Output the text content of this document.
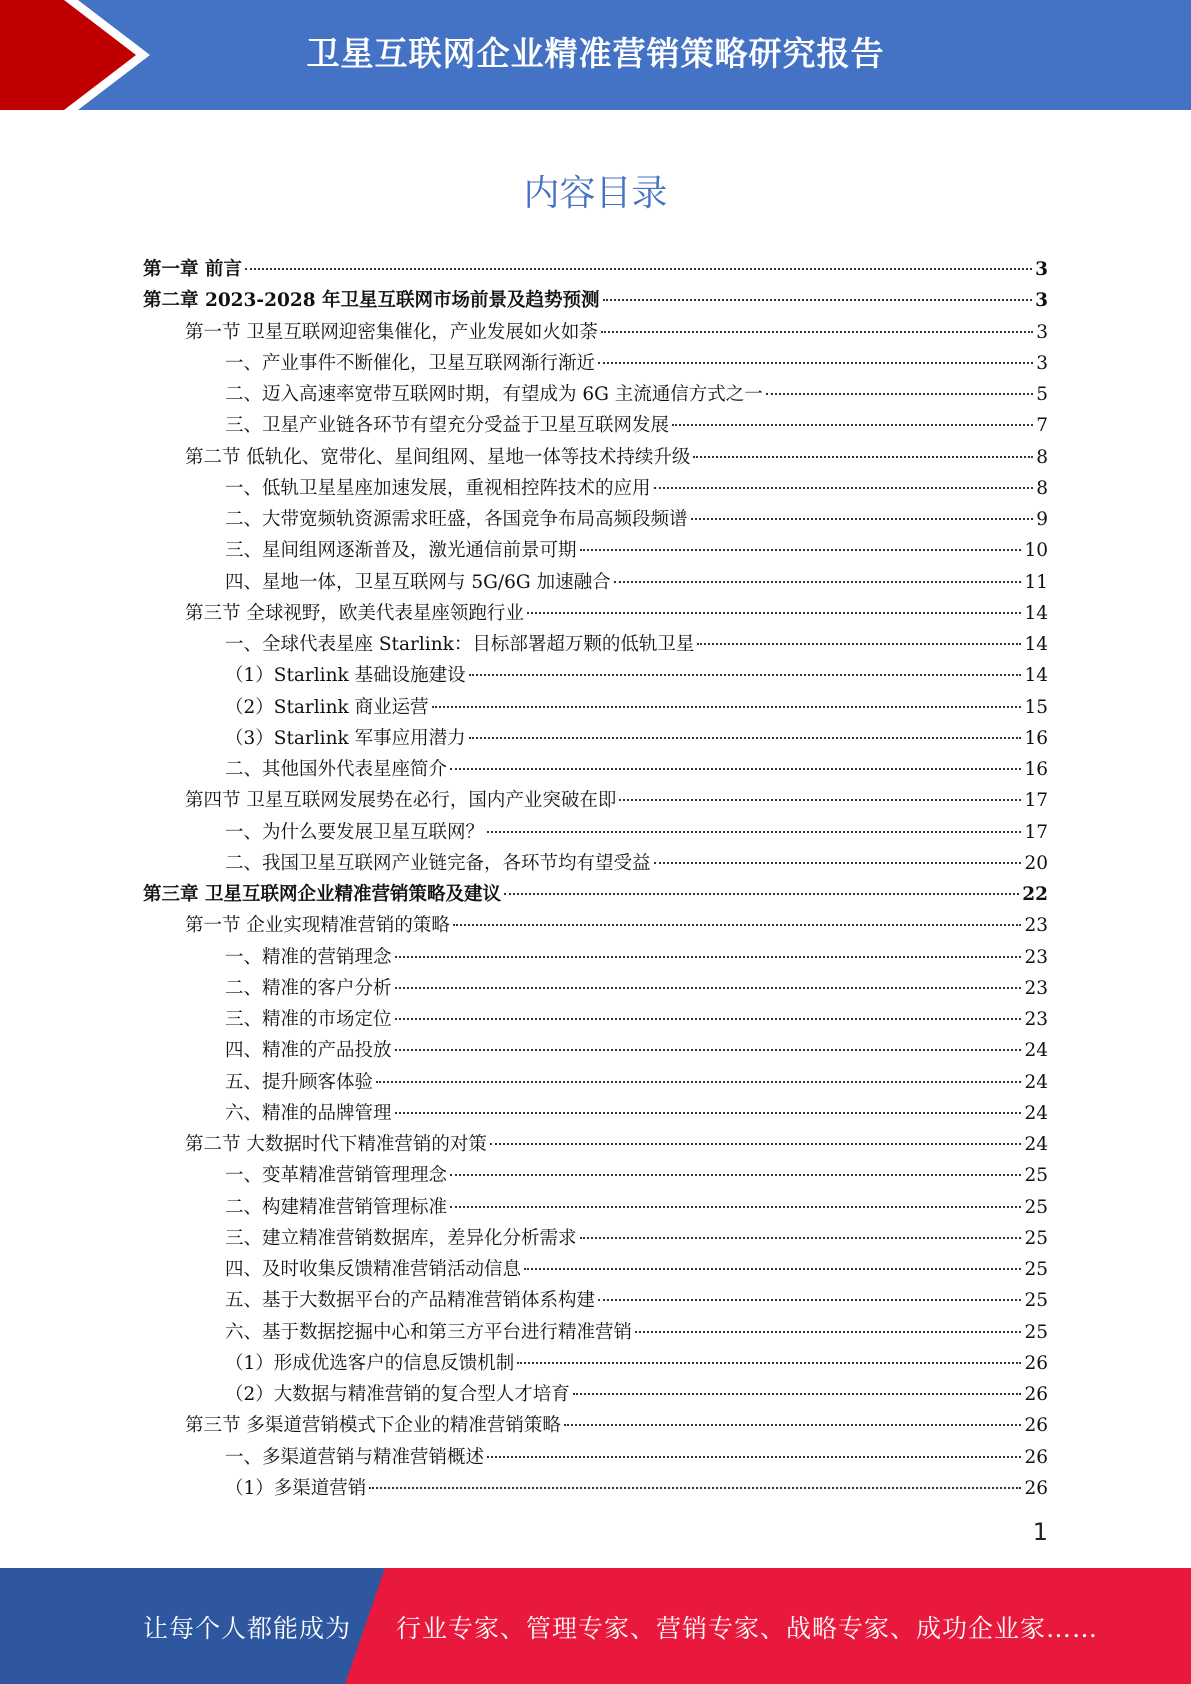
卫星互联网企业精准营销策略研究报告
内容目录
第一章 前言	3
第二章 2023-2028 年卫星互联网市场前景及趋势预测	3
第一节 卫星互联网迎密集催化，产业发展如火如荼	3
一、产业事件不断催化，卫星互联网渐行渐近	3
二、迈入高速率宽带互联网时期，有望成为 6G 主流通信方式之一	5
三、卫星产业链各环节有望充分受益于卫星互联网发展	7
第二节 低轨化、宽带化、星间组网、星地一体等技术持续升级	8
一、低轨卫星星座加速发展，重视相控阵技术的应用	8
二、大带宽频轨资源需求旺盛，各国竞争布局高频段频谱	9
三、星间组网逐渐普及，激光通信前景可期	10
四、星地一体，卫星互联网与 5G/6G 加速融合	11
第三节 全球视野，欧美代表星座领跑行业	14
一、全球代表星座 Starlink：目标部署超万颗的低轨卫星	14
（1）Starlink 基础设施建设	14
（2）Starlink 商业运营	15
（3）Starlink 军事应用潜力	16
二、其他国外代表星座简介	16
第四节 卫星互联网发展势在必行，国内产业突破在即	17
一、为什么要发展卫星互联网？	17
二、我国卫星互联网产业链完备，各环节均有望受益	20
第三章 卫星互联网企业精准营销策略及建议	22
第一节 企业实现精准营销的策略	23
一、精准的营销理念	23
二、精准的客户分析	23
三、精准的市场定位	23
四、精准的产品投放	24
五、提升顾客体验	24
六、精准的品牌管理	24
第二节 大数据时代下精准营销的对策	24
一、变革精准营销管理理念	25
二、构建精准营销管理标准	25
三、建立精准营销数据库，差异化分析需求	25
四、及时收集反馈精准营销活动信息	25
五、基于大数据平台的产品精准营销体系构建	25
六、基于数据挖掘中心和第三方平台进行精准营销	25
（1）形成优选客户的信息反馈机制	26
（2）大数据与精准营销的复合型人才培育	26
第三节 多渠道营销模式下企业的精准营销策略	26
一、多渠道营销与精准营销概述	26
（1）多渠道营销	26
1
让每个人都能成为 行业专家、管理专家、营销专家、战略专家、成功企业家……
